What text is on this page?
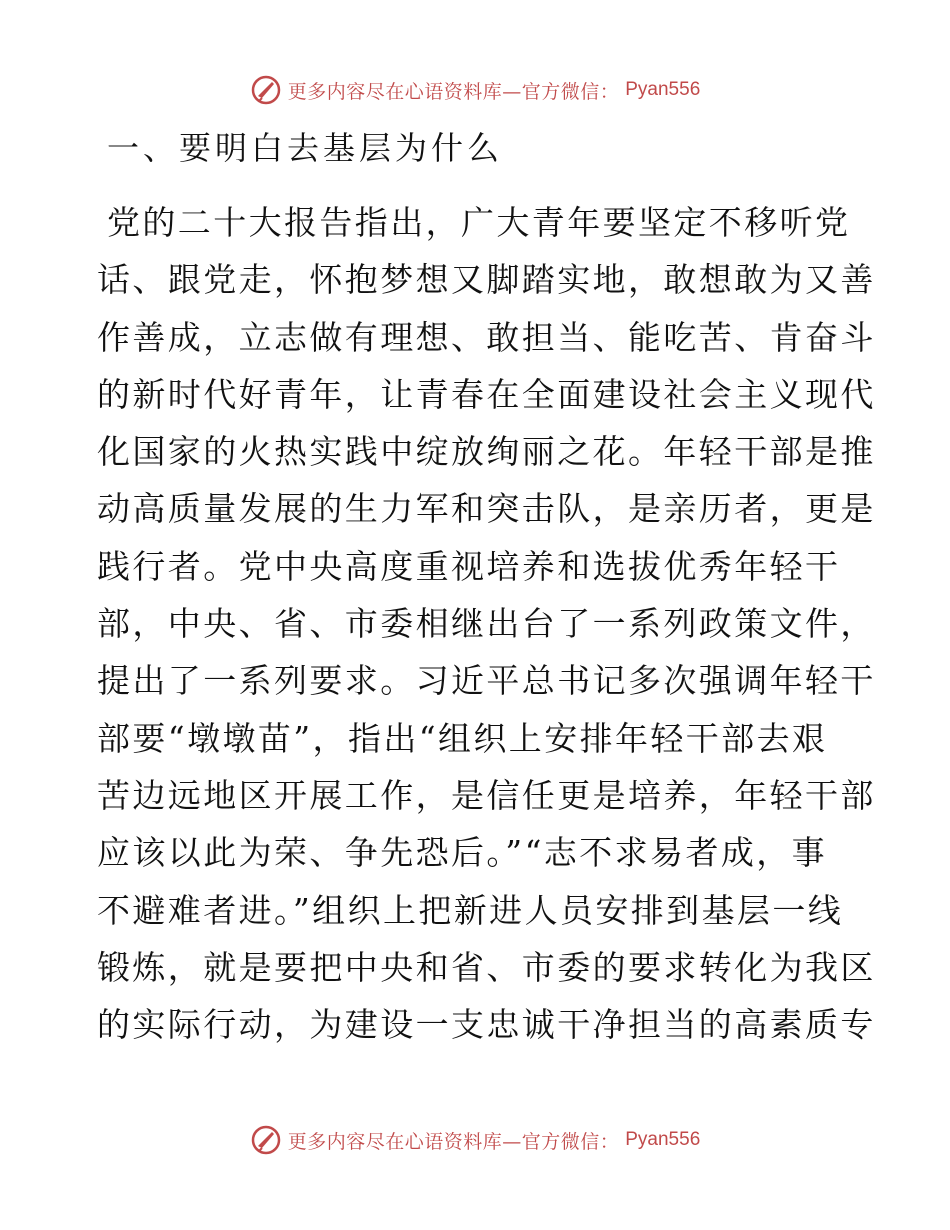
更多内容尽在心语资料库—官方微信： Pyan556
一、要明白去基层为什么
党的二十大报告指出，广大青年要坚定不移听党
话、跟党走，怀抱梦想又脚踏实地，敢想敢为又善
作善成，立志做有理想、敢担当、能吃苦、肯奋斗
的新时代好青年，让青春在全面建设社会主义现代
化国家的火热实践中绽放绚丽之花。年轻干部是推
动高质量发展的生力军和突击队，是亲历者，更是
践行者。党中央高度重视培养和选拔优秀年轻干
部，中央、省、市委相继出台了一系列政策文件，
提出了一系列要求。习近平总书记多次强调年轻干
部要“墩墩苗”，指出“组织上安排年轻干部去艰
苦边远地区开展工作，是信任更是培养，年轻干部
应该以此为荣、争先恐后。”“志不求易者成，事
不避难者进。”组织上把新进人员安排到基层一线
锻炼，就是要把中央和省、市委的要求转化为我区
的实际行动，为建设一支忠诚干净担当的高素质专
更多内容尽在心语资料库—官方微信： Pyan556
